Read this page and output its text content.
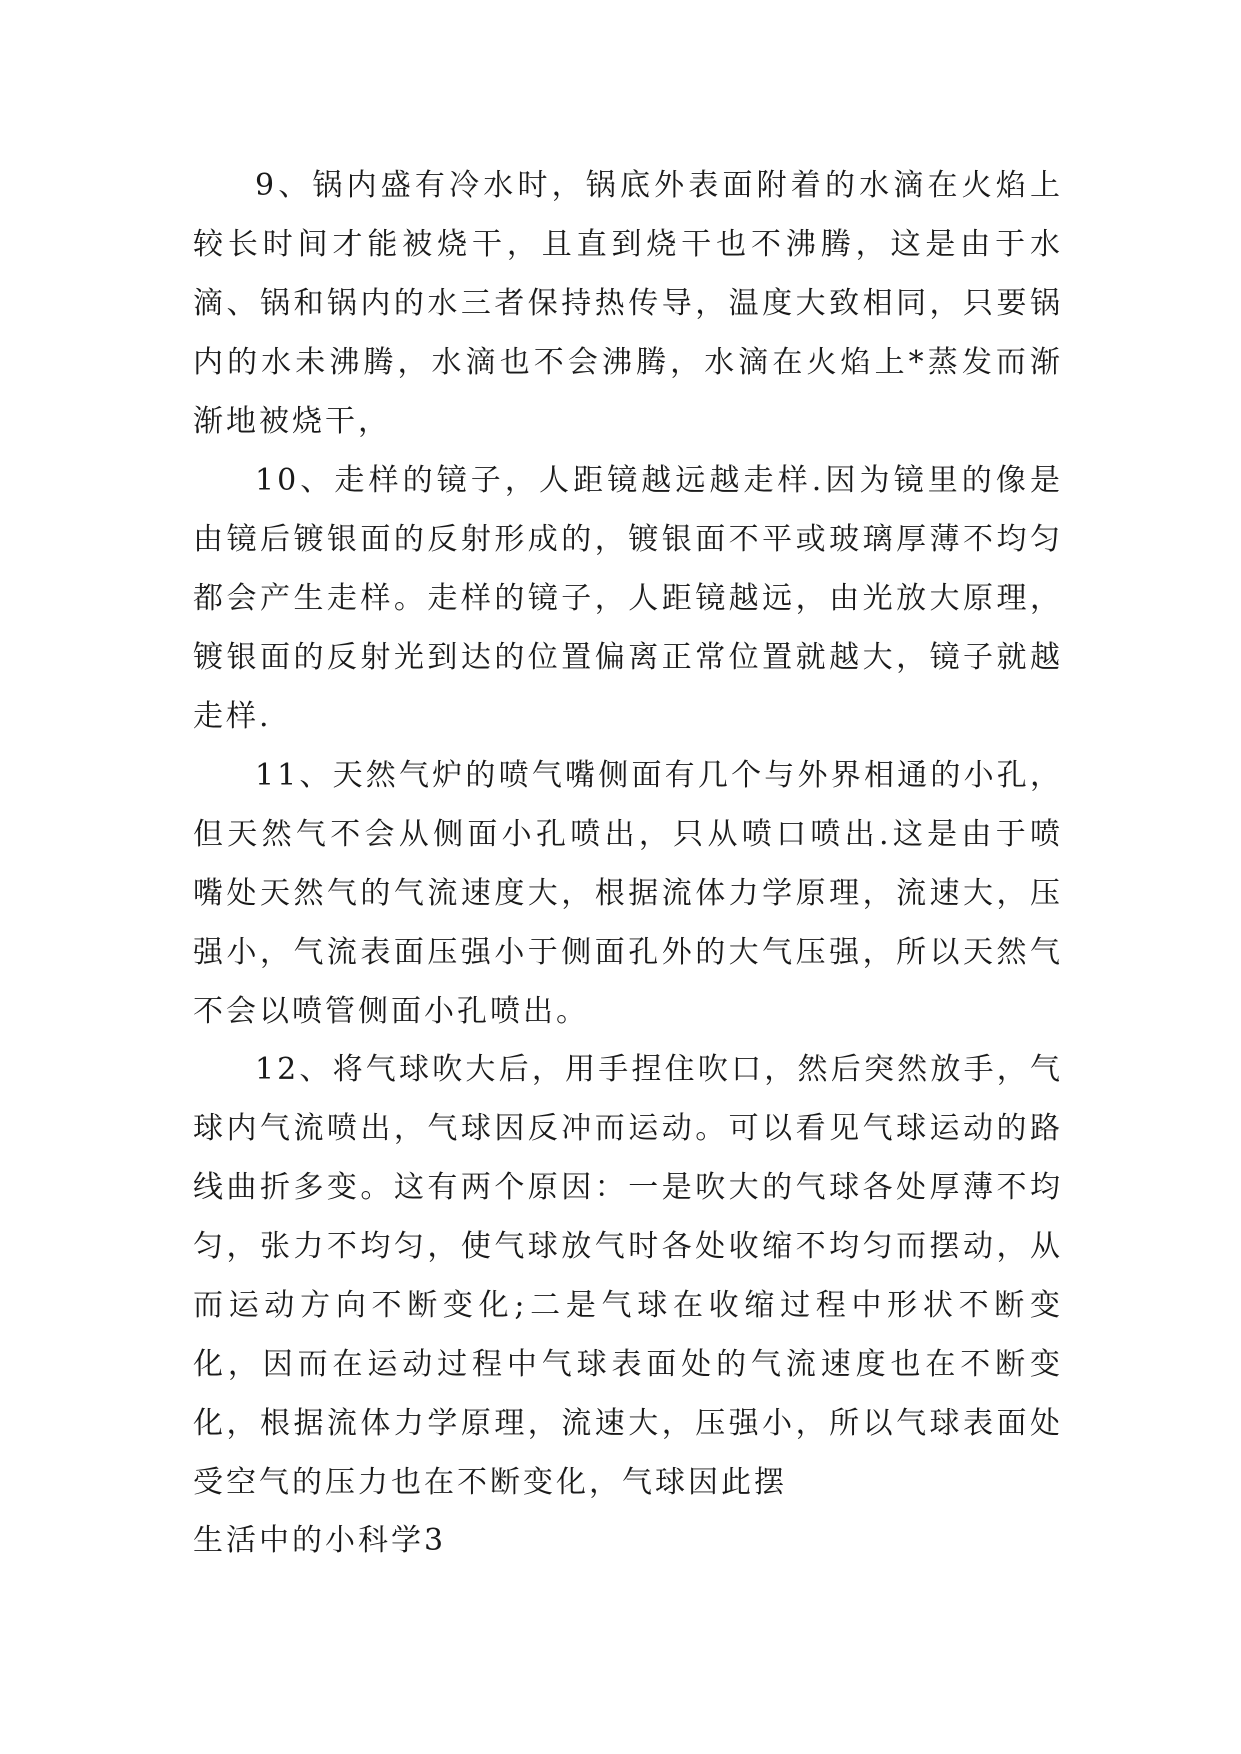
9、锅内盛有冷水时，锅底外表面附着的水滴在火焰上较长时间才能被烧干，且直到烧干也不沸腾，这是由于水滴、锅和锅内的水三者保持热传导，温度大致相同，只要锅内的水未沸腾，水滴也不会沸腾，水滴在火焰上*蒸发而渐渐地被烧干，

10、走样的镜子，人距镜越远越走样.因为镜里的像是由镜后镀银面的反射形成的，镀银面不平或玻璃厚薄不均匀都会产生走样。走样的镜子，人距镜越远，由光放大原理，镀银面的反射光到达的位置偏离正常位置就越大，镜子就越走样.

11、天然气炉的喷气嘴侧面有几个与外界相通的小孔，但天然气不会从侧面小孔喷出，只从喷口喷出.这是由于喷嘴处天然气的气流速度大，根据流体力学原理，流速大，压强小，气流表面压强小于侧面孔外的大气压强，所以天然气不会以喷管侧面小孔喷出。

12、将气球吹大后，用手捏住吹口，然后突然放手，气球内气流喷出，气球因反冲而运动。可以看见气球运动的路线曲折多变。这有两个原因：一是吹大的气球各处厚薄不均匀，张力不均匀，使气球放气时各处收缩不均匀而摆动，从而运动方向不断变化;二是气球在收缩过程中形状不断变化，因而在运动过程中气球表面处的气流速度也在不断变化，根据流体力学原理，流速大，压强小，所以气球表面处受空气的压力也在不断变化，气球因此摆

生活中的小科学3
